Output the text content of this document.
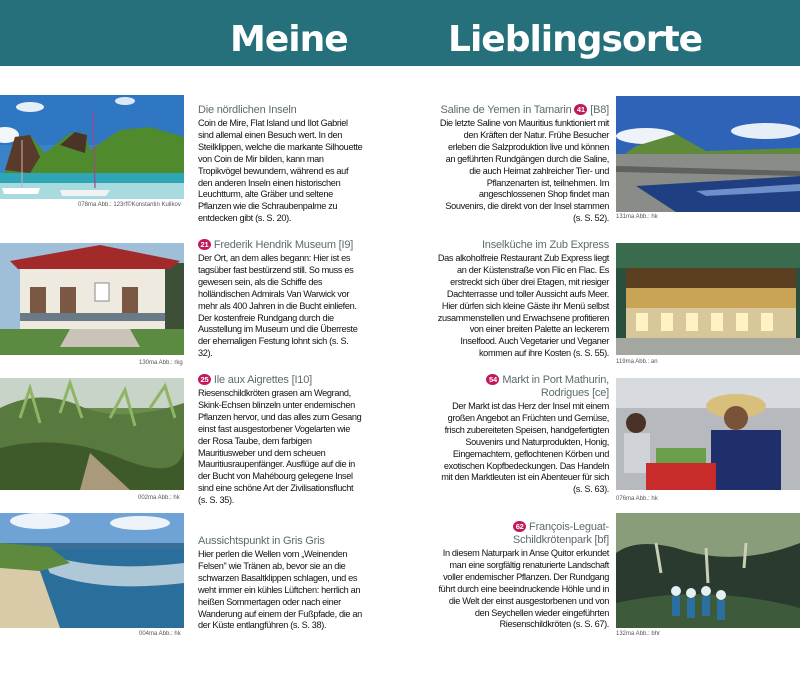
Meine	Lieblingsorte
078ma Abb.: 123rf©Konstantin Kulikov
Die nördlichen Inseln
Coin de Mire, Flat Island und Ilot Gabriel sind allemal einen Besuch wert. In den Steilklippen, welche die markante Silhouette von Coin de Mir bilden, kann man Tropikvögel bewundern, während es auf den anderen Inseln einen historischen Leuchtturm, alte Gräber und seltene Pflanzen wie die Schraubenpalme zu entdecken gibt (s. S. 20).
130ma Abb.: rkg
21 Frederik Hendrik Museum [I9]
Der Ort, an dem alles begann: Hier ist es tagsüber fast bestürzend still. So muss es gewesen sein, als die Schiffe des holländischen Admirals Van Warwick vor mehr als 400 Jahren in die Bucht einliefen. Der kostenfreie Rundgang durch die Ausstellung im Museum und die Überreste der ehemaligen Festung lohnt sich (s. S. 32).
002ma Abb.: hk
25 Ile aux Aigrettes [I10]
Riesenschildkröten grasen am Wegrand, Skink-Echsen blinzeln unter endemischen Pflanzen hervor, und das alles zum Gesang einst fast ausgestorbener Vogelarten wie der Rosa Taube, dem farbigen Mauritiusweber und dem scheuen Mauritiusraupenfänger. Ausflüge auf die in der Bucht von Mahébourg gelegene Insel sind eine schöne Art der Zivilisationsflucht (s. S. 35).
004ma Abb.: hk
Aussichtspunkt in Gris Gris
Hier perlen die Wellen vom „Weinenden Felsen" wie Tränen ab, bevor sie an die schwarzen Basaltklippen schlagen, und es weht immer ein kühles Lüftchen: herrlich an heißen Sommertagen oder nach einer Wanderung auf einem der Fußpfade, die an der Küste entlangführen (s. S. 38).
Saline de Yemen in Tamarin 41 [B8]
Die letzte Saline von Mauritius funktioniert mit den Kräften der Natur. Frühe Besucher erleben die Salzproduktion live und können an geführten Rundgängen durch die Saline, die auch Heimat zahlreicher Tier- und Pflanzenarten ist, teilnehmen. Im angeschlossenen Shop findet man Souvenirs, die direkt von der Insel stammen (s. S. 52). 131ma Abb.: hk
Inselküche im Zub Express
Das alkoholfreie Restaurant Zub Express liegt an der Küstenstraße von Flic en Flac. Es erstreckt sich über drei Etagen, mit riesiger Dachterrasse und toller Aussicht aufs Meer. Hier dürfen sich kleine Gäste ihr Menü selbst zusammenstellen und Erwachsene profitieren von einer breiten Palette an leckerem Inselfood. Auch Vegetarier und Veganer kommen auf ihre Kosten (s. S. 55).
119ma Abb.: an
54 Markt in Port Mathurin, Rodrigues [ce]
Der Markt ist das Herz der Insel mit einem großen Angebot an Früchten und Gemüse, frisch zubereiteten Speisen, handgefertigten Souvenirs und Naturprodukten, Honig, Eingemachtem, geflochtenen Körben und exotischen Kopfbedeckungen. Das Handeln mit den Marktleuten ist ein Abenteuer für sich (s. S. 63).
076ma Abb.: hk
62 François-Leguat-Schildkrötenpark [bf]
In diesem Naturpark in Anse Quitor erkundet man eine sorgfältig renaturierte Landschaft voller endemischer Pflanzen. Der Rundgang führt durch eine beeindruckende Höhle und in die Welt der einst ausgestorbenen und von den Seychellen wieder eingeführten Riesenschildkröten (s. S. 67).
132ma Abb.: bhr
